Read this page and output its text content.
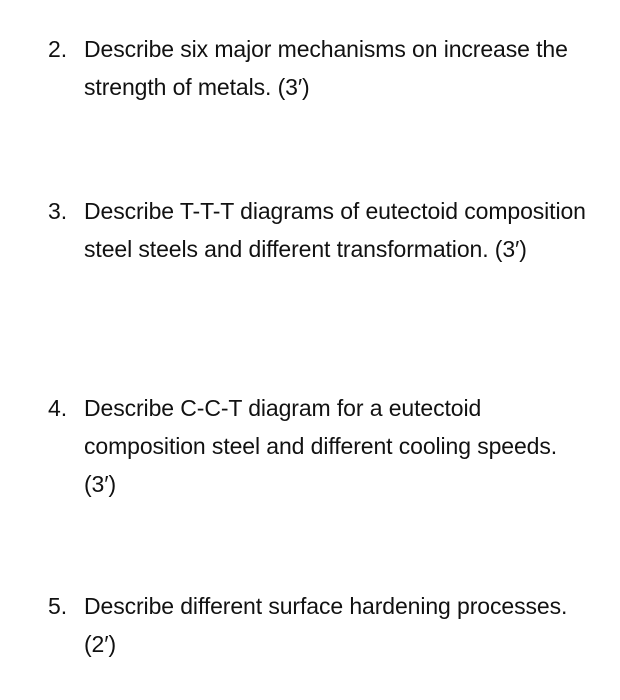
2. Describe six major mechanisms on increase the strength of metals. (3′)
3. Describe T-T-T diagrams of eutectoid composition steel steels and different transformation. (3′)
4. Describe C-C-T diagram for a eutectoid composition steel and different cooling speeds. (3′)
5. Describe different surface hardening processes. (2′)
